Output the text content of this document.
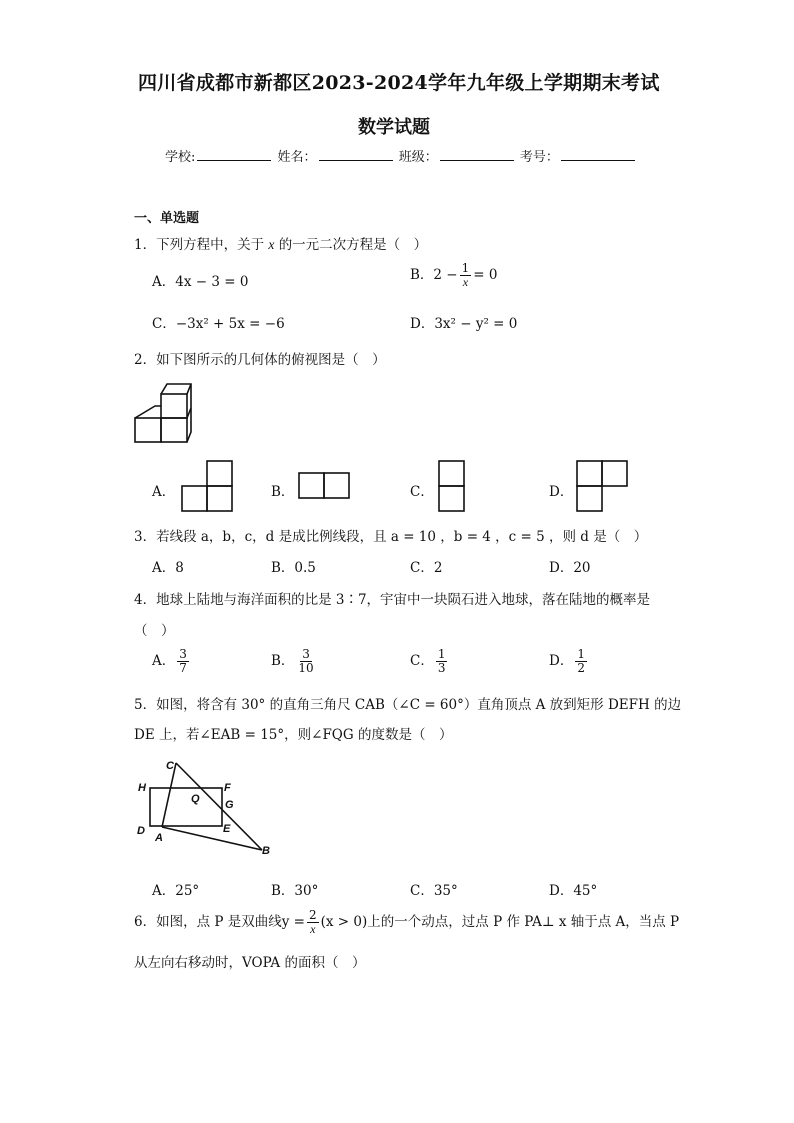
四川省成都市新都区2023-2024学年九年级上学期期末考试
数学试题
学校:	姓名：	班级：	考号：
一、单选题
1．下列方程中，关于 x 的一元二次方程是（　）
A．4x − 3 = 0	B．$2 - \frac{1}{x} = 0$
C．−3x² + 5x = −6	D．3x² − y² = 0
2．如下图所示的几何体的俯视图是（　）
A．	B．	C．	D．
3．若线段 a，b，c，d 是成比例线段，且 a = 10 ，b = 4 ，c = 5 ，则 d 是（　）
A．8	B．0.5	C．2	D．20
4．地球上陆地与海洋面积的比是 3∶7，宇宙中一块陨石进入地球，落在陆地的概率是
（　）
A． $\frac{3}{7}$	B． $\frac{3}{10}$	C． $\frac{1}{3}$	D． $\frac{1}{2}$
5．如图，将含有 30° 的直角三角尺 CAB（∠C = 60°）直角顶点 A 放到矩形 DEFH 的边
DE 上，若∠EAB = 15°，则∠FQG 的度数是（　）
C
H	F
Q G
D
A
E
B
A．25°	B．30°	C．35°	D．45°
6．如图，点 P 是双曲线$y = \frac{2}{x} (x > 0)$上的一个动点，过点 P 作 PA⊥ x 轴于点 A，当点 P
从左向右移动时，VOPA 的面积（　）
